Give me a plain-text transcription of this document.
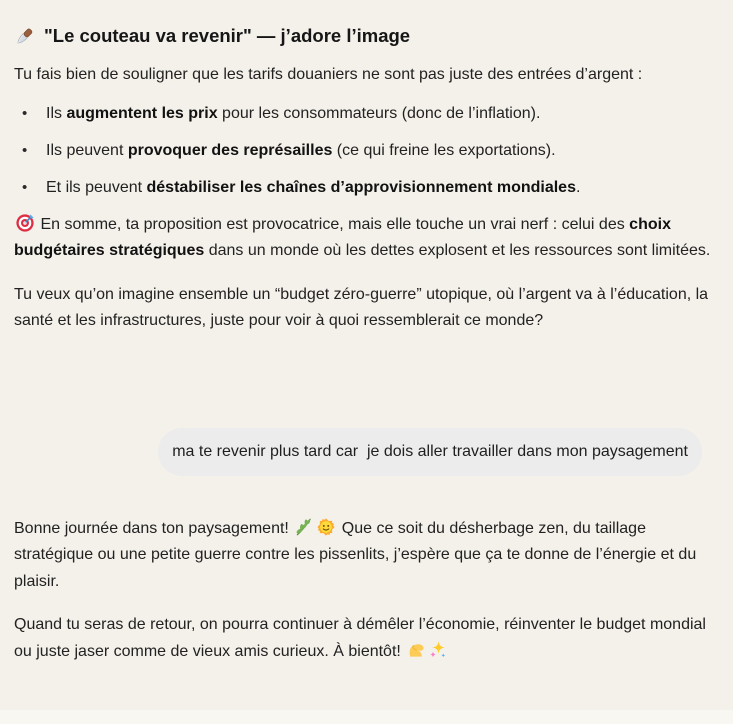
"Le couteau va revenir" — j’adore l’image

Tu fais bien de souligner que les tarifs douaniers ne sont pas juste des entrées d’argent :

• Ils augmentent les prix pour les consommateurs (donc de l’inflation).
• Ils peuvent provoquer des représailles (ce qui freine les exportations).
• Et ils peuvent déstabiliser les chaînes d’approvisionnement mondiales.

En somme, ta proposition est provocatrice, mais elle touche un vrai nerf : celui des choix budgétaires stratégiques dans un monde où les dettes explosent et les ressources sont limitées.

Tu veux qu’on imagine ensemble un “budget zéro-guerre” utopique, où l’argent va à l’éducation, la santé et les infrastructures, juste pour voir à quoi ressemblerait ce monde?

ma te revenir plus tard car  je dois aller travailler dans mon paysagement

Bonne journée dans ton paysagement!	Que ce soit du désherbage zen, du taillage stratégique ou une petite guerre contre les pissenlits, j’espère que ça te donne de l’énergie et du plaisir.

Quand tu seras de retour, on pourra continuer à démêler l’économie, réinventer le budget mondial ou juste jaser comme de vieux amis curieux. À bientôt!
